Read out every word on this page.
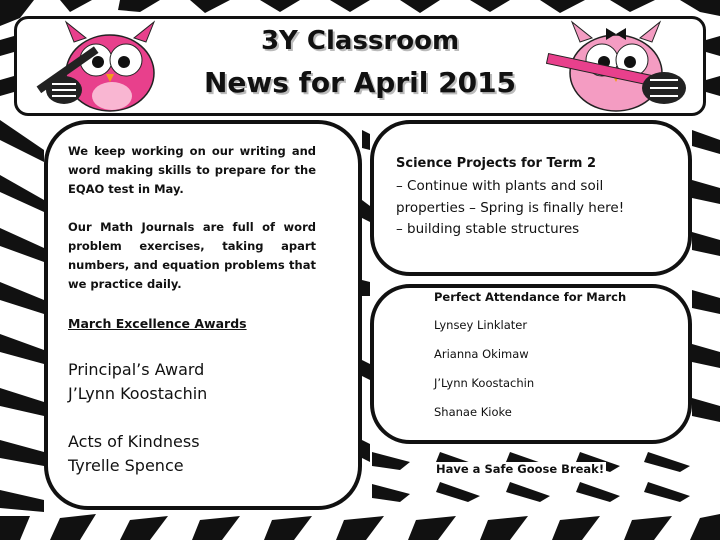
3Y Classroom
News for April 2015
We keep working on our writing and word making skills to prepare for the EQAO test in May.
Our Math Journals are full of word problem exercises, taking apart numbers, and equation problems that we practice daily.
March Excellence Awards
Principal’s Award
J’Lynn Koostachin
Acts of Kindness
Tyrelle Spence
Science Projects for Term 2
– Continue with plants and soil
properties – Spring is finally here!
– building stable structures
Perfect Attendance for March
Lynsey Linklater
Arianna Okimaw
J’Lynn Koostachin
Shanae Kioke
Have a Safe Goose Break!
